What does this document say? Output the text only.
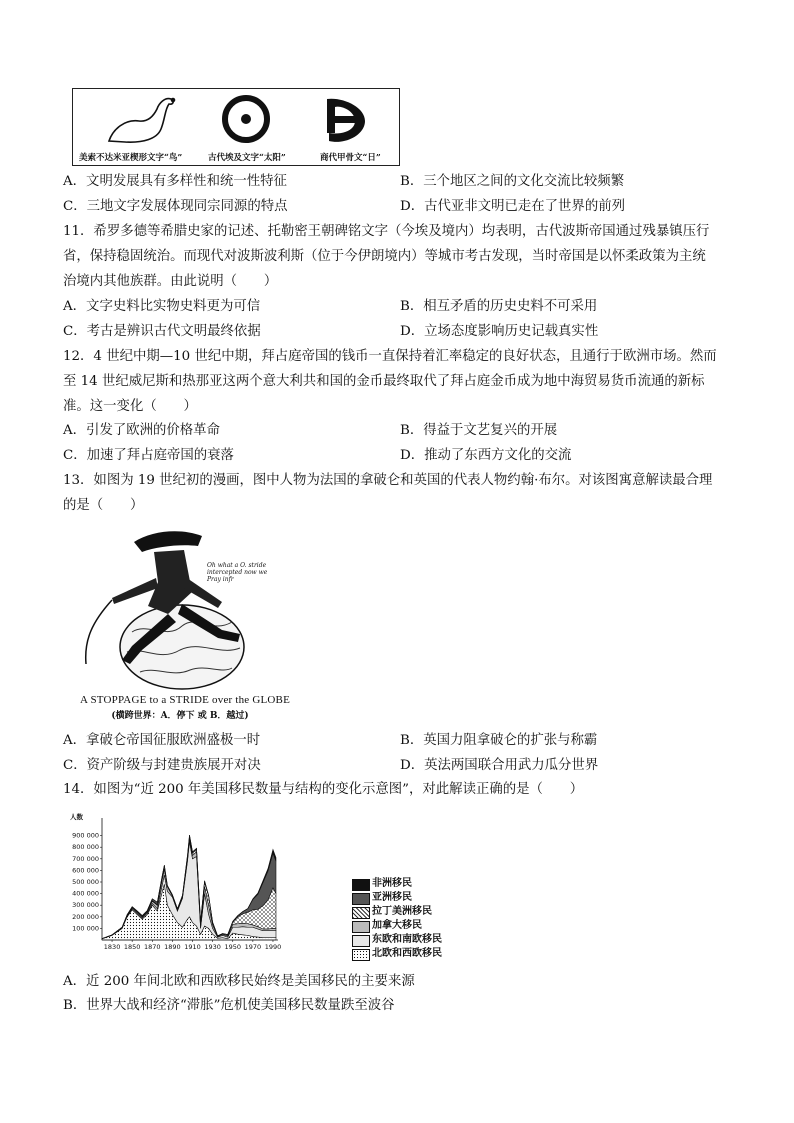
美索不达米亚楔形文字“鸟”	古代埃及文字“太阳”	商代甲骨文“日”
A．文明发展具有多样性和统一性特征	B．三个地区之间的文化交流比较频繁
C．三地文字发展体现同宗同源的特点	D．古代亚非文明已走在了世界的前列
11．希罗多德等希腊史家的记述、托勒密王朝碑铭文字（今埃及境内）均表明，古代波斯帝国通过残暴镇压行
省，保持稳固统治。而现代对波斯波利斯（位于今伊朗境内）等城市考古发现，当时帝国是以怀柔政策为主统
治境内其他族群。由此说明（　　）
A．文字史料比实物史料更为可信	B．相互矛盾的历史史料不可采用
C．考古是辨识古代文明最终依据	D．立场态度影响历史记载真实性
12．4 世纪中期—10 世纪中期，拜占庭帝国的钱币一直保持着汇率稳定的良好状态，且通行于欧洲市场。然而
至 14 世纪威尼斯和热那亚这两个意大利共和国的金币最终取代了拜占庭金币成为地中海贸易货币流通的新标
准。这一变化（　　）
A．引发了欧洲的价格革命	B．得益于文艺复兴的开展
C．加速了拜占庭帝国的衰落	D．推动了东西方文化的交流
13．如图为 19 世纪初的漫画，图中人物为法国的拿破仑和英国的代表人物约翰·布尔。对该图寓意解读最合理
的是（　　）
Oh what a O. stride intercepted now we Pray infr
A STOPPAGE to a STRIDE over the GLOBE
(横跨世界：A．停下 或 B．越过)
A．拿破仑帝国征服欧洲盛极一时	B．英国力阻拿破仑的扩张与称霸
C．资产阶级与封建贵族展开对决	D．英法两国联合用武力瓜分世界
14．如图为“近 200 年美国移民数量与结构的变化示意图”，对此解读正确的是（　　）
人数
900 000
800 000
700 000
600 000
500 000
400 000
300 000
200 000
100 000
1830 1850 1870 1890 1910 1930 1950 1970 1990
非洲移民
亚洲移民
拉丁美洲移民
加拿大移民
东欧和南欧移民
北欧和西欧移民
A．近 200 年间北欧和西欧移民始终是美国移民的主要来源
B．世界大战和经济“滞胀”危机使美国移民数量跌至波谷
